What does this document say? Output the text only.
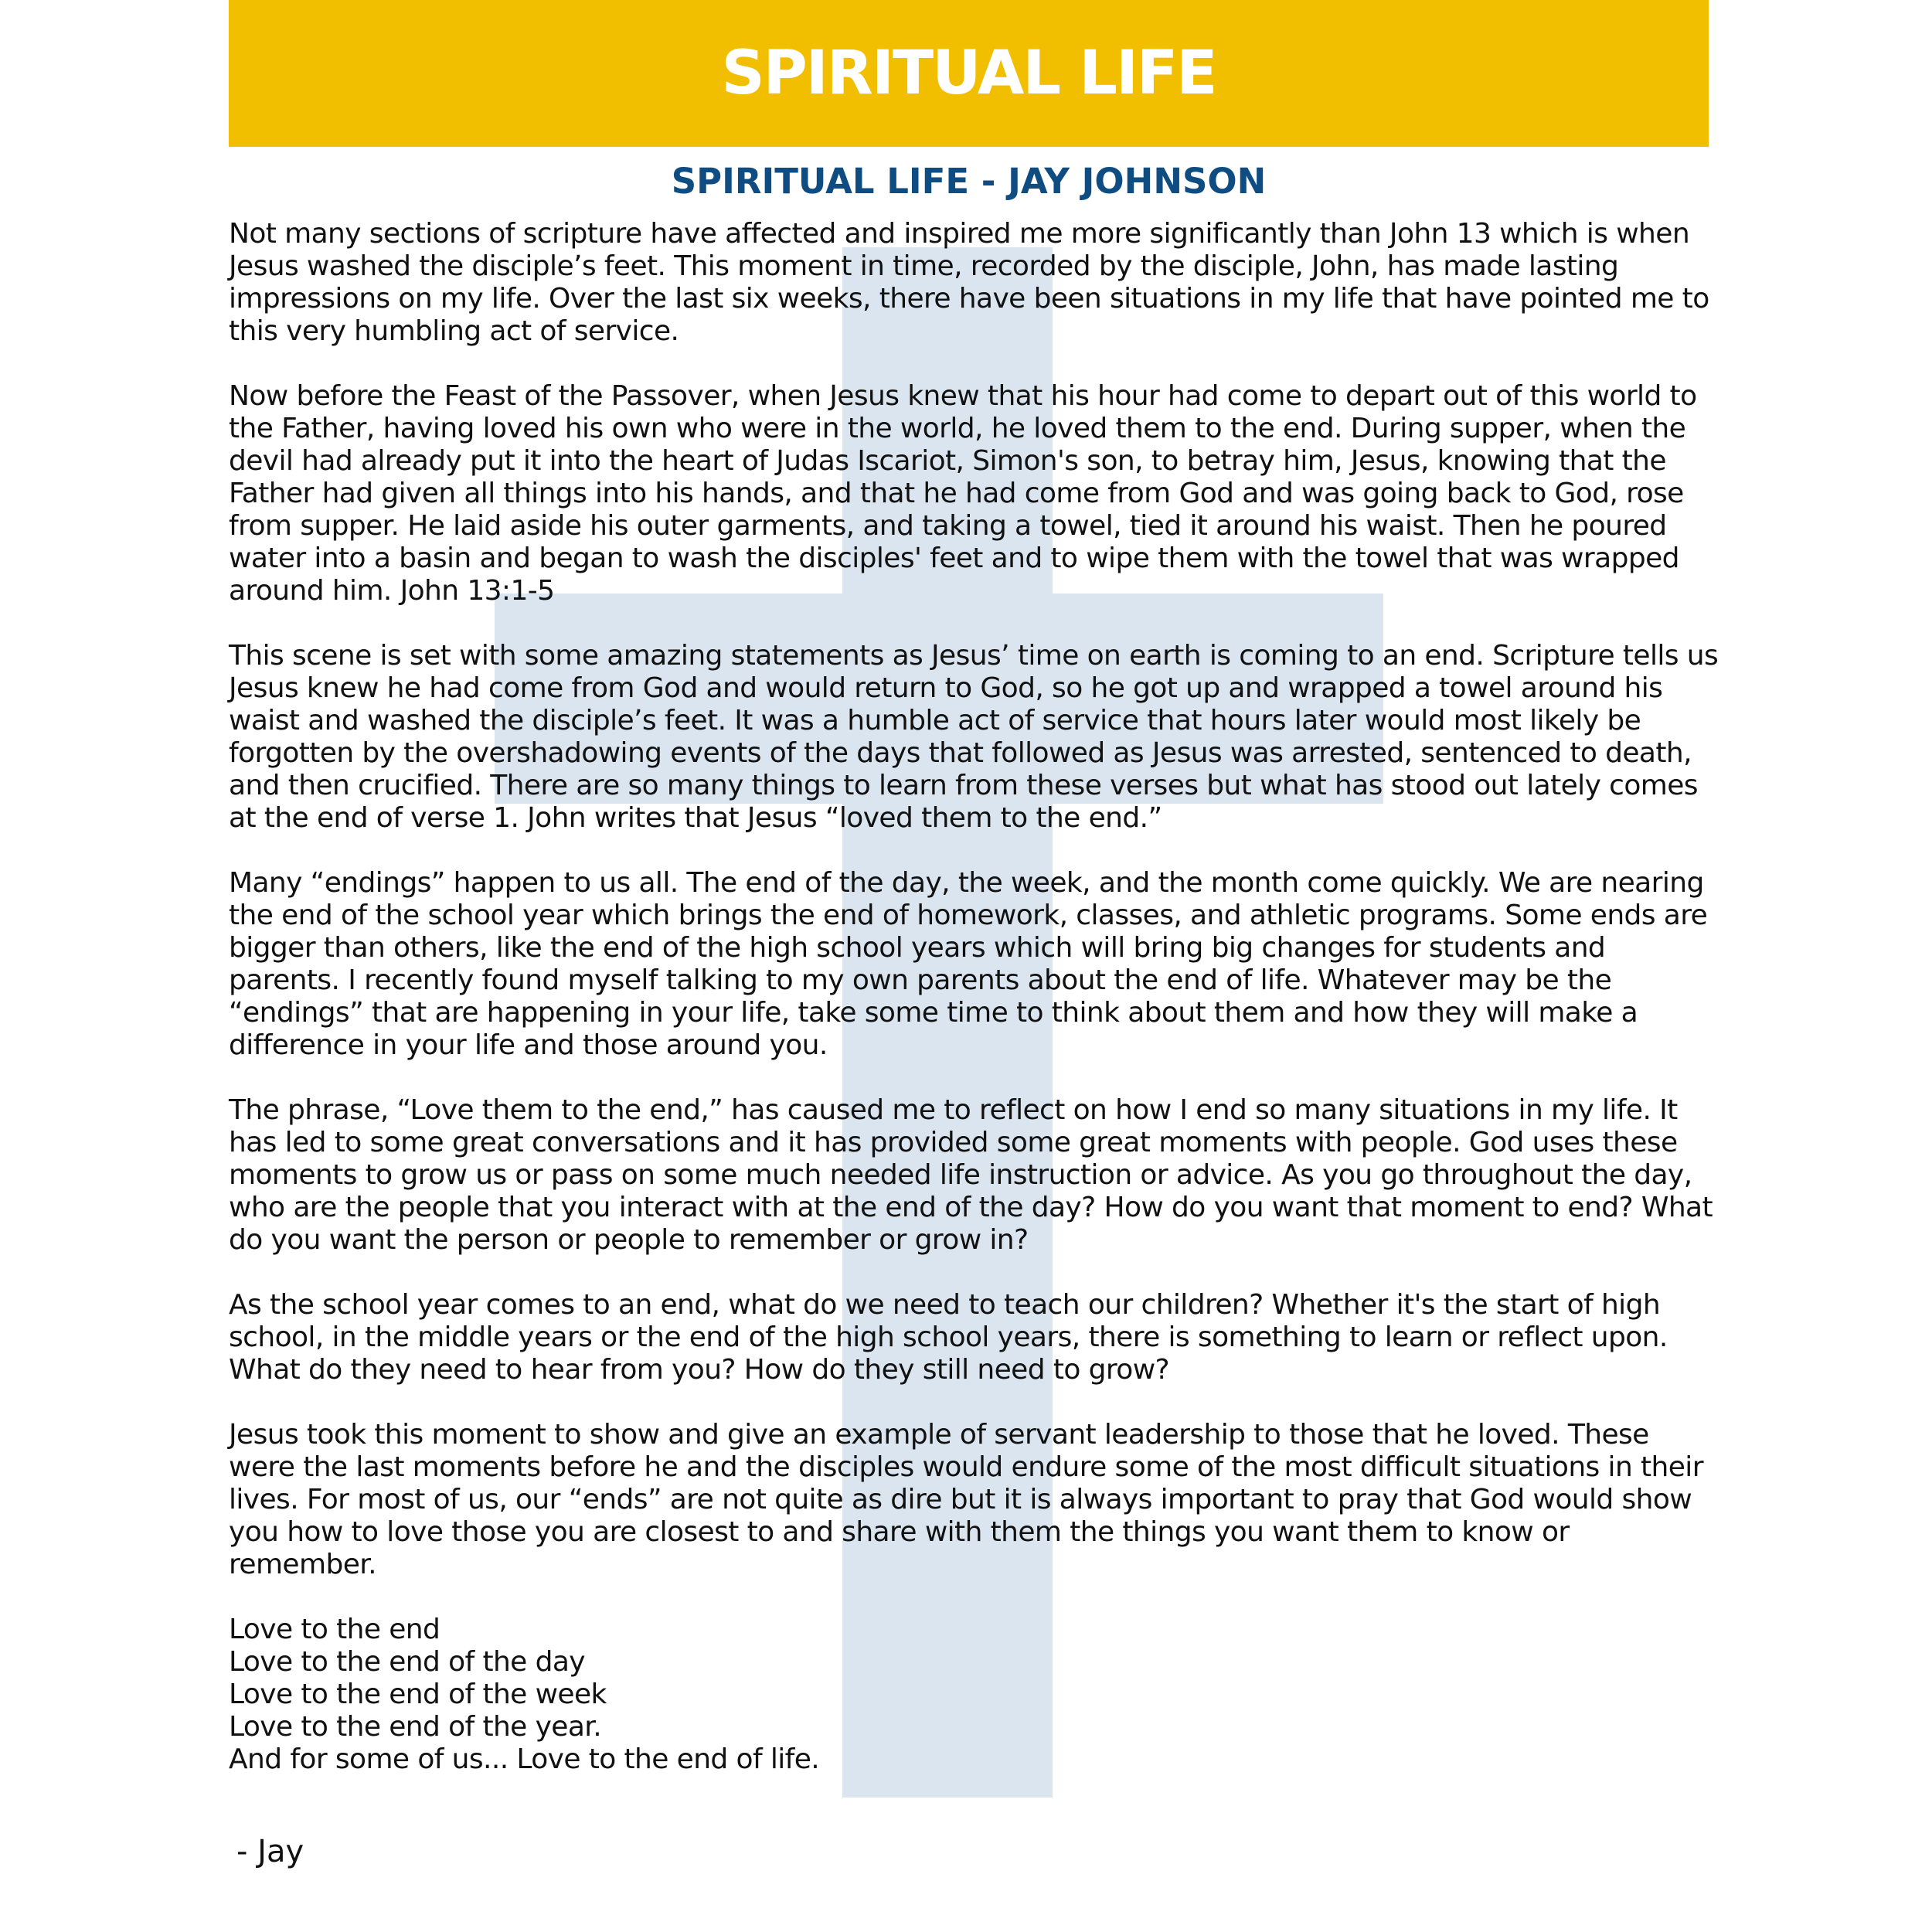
SPIRITUAL LIFE
SPIRITUAL LIFE - JAY JOHNSON

Not many sections of scripture have affected and inspired me more significantly than John 13 which is when Jesus washed the disciple’s feet. This moment in time, recorded by the disciple, John, has made lasting impressions on my life. Over the last six weeks, there have been situations in my life that have pointed me to this very humbling act of service.

Now before the Feast of the Passover, when Jesus knew that his hour had come to depart out of this world to the Father, having loved his own who were in the world, he loved them to the end. During supper, when the devil had already put it into the heart of Judas Iscariot, Simon's son, to betray him, Jesus, knowing that the Father had given all things into his hands, and that he had come from God and was going back to God, rose from supper. He laid aside his outer garments, and taking a towel, tied it around his waist. Then he poured water into a basin and began to wash the disciples' feet and to wipe them with the towel that was wrapped around him. John 13:1-5

This scene is set with some amazing statements as Jesus’ time on earth is coming to an end. Scripture tells us Jesus knew he had come from God and would return to God, so he got up and wrapped a towel around his waist and washed the disciple’s feet. It was a humble act of service that hours later would most likely be forgotten by the overshadowing events of the days that followed as Jesus was arrested, sentenced to death, and then crucified. There are so many things to learn from these verses but what has stood out lately comes at the end of verse 1. John writes that Jesus “loved them to the end.”

Many “endings” happen to us all. The end of the day, the week, and the month come quickly. We are nearing the end of the school year which brings the end of homework, classes, and athletic programs. Some ends are bigger than others, like the end of the high school years which will bring big changes for students and parents. I recently found myself talking to my own parents about the end of life. Whatever may be the “endings” that are happening in your life, take some time to think about them and how they will make a difference in your life and those around you.

The phrase, “Love them to the end,” has caused me to reflect on how I end so many situations in my life. It has led to some great conversations and it has provided some great moments with people. God uses these moments to grow us or pass on some much needed life instruction or advice. As you go throughout the day, who are the people that you interact with at the end of the day? How do you want that moment to end? What do you want the person or people to remember or grow in?

As the school year comes to an end, what do we need to teach our children? Whether it's the start of high school, in the middle years or the end of the high school years, there is something to learn or reflect upon. What do they need to hear from you? How do they still need to grow?

Jesus took this moment to show and give an example of servant leadership to those that he loved. These were the last moments before he and the disciples would endure some of the most difficult situations in their lives. For most of us, our “ends” are not quite as dire but it is always important to pray that God would show you how to love those you are closest to and share with them the things you want them to know or remember.

Love to the end
Love to the end of the day
Love to the end of the week
Love to the end of the year.
And for some of us... Love to the end of life.

- Jay
